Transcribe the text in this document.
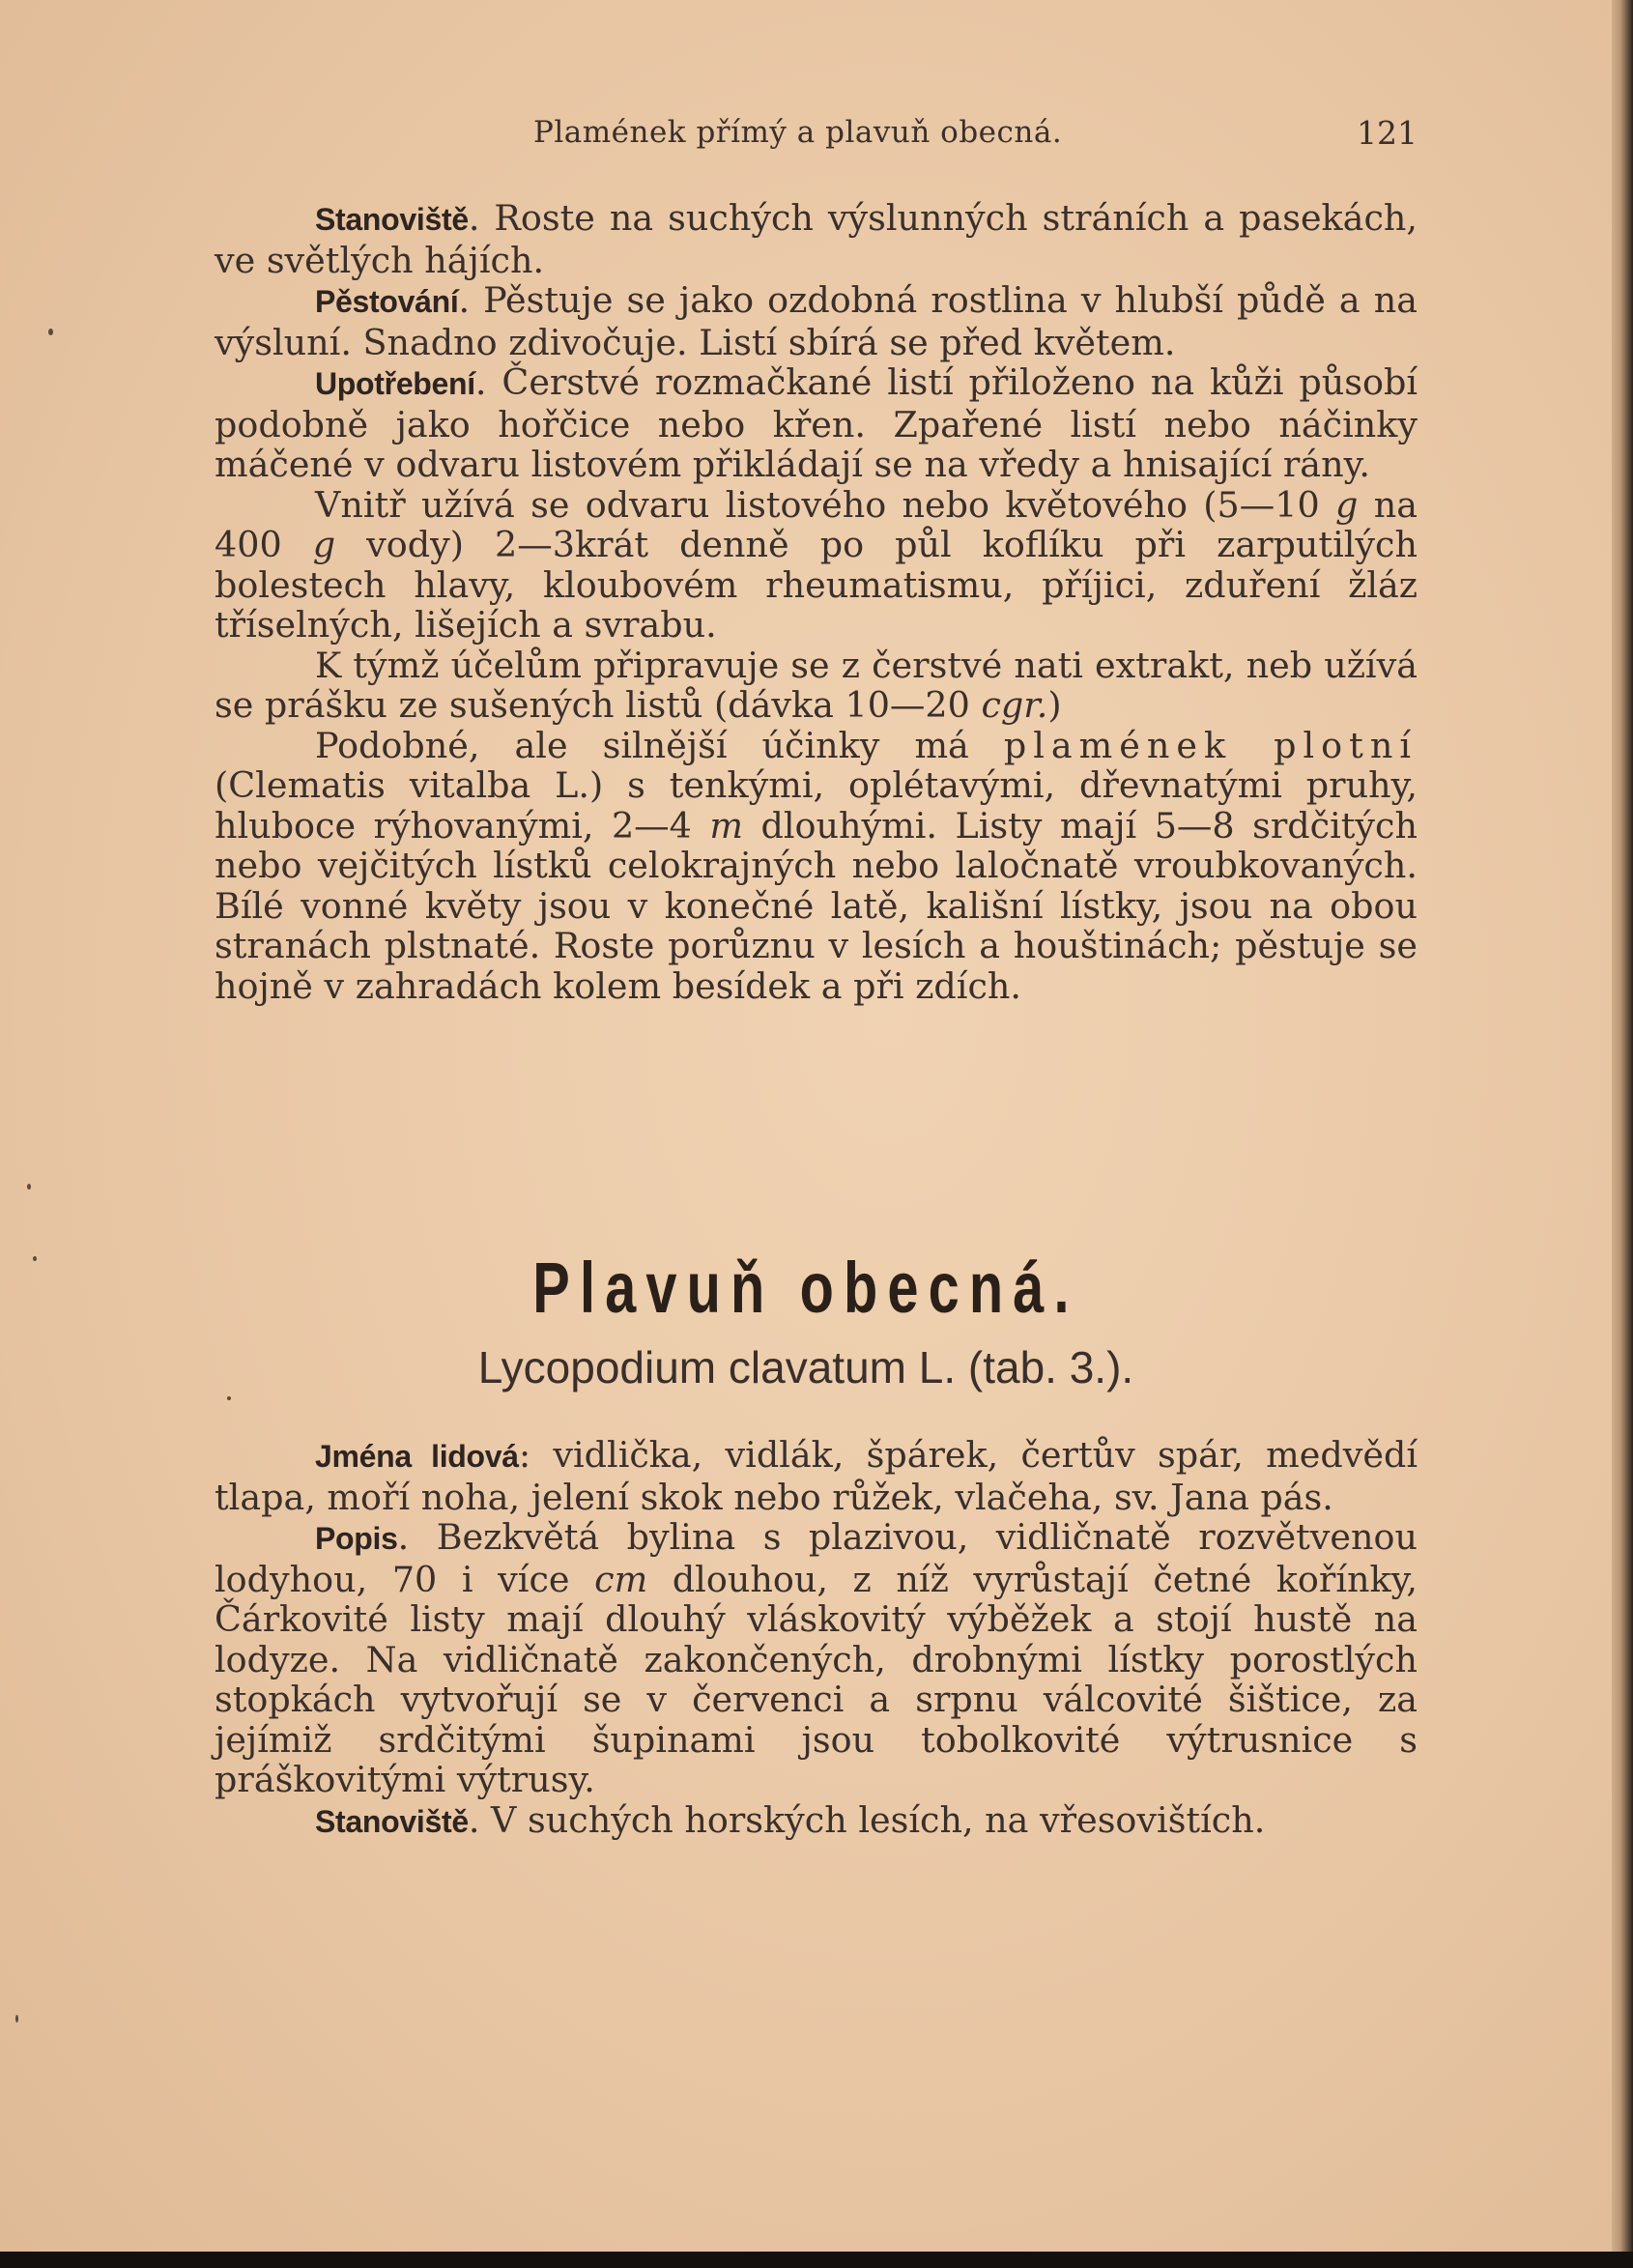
Plamének přímý a plavuň obecná.	121

Stanoviště. Roste na suchých výslunných stráních a pasekách, ve světlých hájích.

Pěstování. Pěstuje se jako ozdobná rostlina v hlubší půdě a na výsluní. Snadno zdivočuje. Listí sbírá se před květem.

Upotřebení. Čerstvé rozmačkané listí přiloženo na kůži působí podobně jako hořčice nebo křen. Zpařené listí nebo náčinky máčené v odvaru listovém přikládají se na vředy a hnisající rány.

Vnitř užívá se odvaru listového nebo květového (5—10 g na 400 g vody) 2—3krát denně po půl koflíku při zarputilých bolestech hlavy, kloubovém rheumatismu, příjici, zduření žláz tříselných, lišejích a svrabu.

K týmž účelům připravuje se z čerstvé nati extrakt, neb užívá se prášku ze sušených listů (dávka 10—20 cgr.)

Podobné, ale silnější účinky má plamének plotní (Clematis vitalba L.) s tenkými, oplétavými, dřevnatými pruhy, hluboce rýhovanými, 2—4 m dlouhými. Listy mají 5—8 srdčitých nebo vejčitých lístků celokrajných nebo laločnatě vroubkovaných. Bílé vonné květy jsou v konečné latě, kališní lístky, jsou na obou stranách plstnaté. Roste porůznu v lesích a houštinách; pěstuje se hojně v zahradách kolem besídek a při zdích.

Plavuň obecná.
Lycopodium clavatum L. (tab. 3.).

Jména lidová: vidlička, vidlák, špárek, čertův spár, medvědí tlapa, moří noha, jelení skok nebo růžek, vlačeha, sv. Jana pás.

Popis. Bezkvětá bylina s plazivou, vidličnatě rozvětvenou lodyhou, 70 i více cm dlouhou, z níž vyrůstají četné kořínky, Čárkovité listy mají dlouhý vláskovitý výběžek a stojí hustě na lodyze. Na vidličnatě zakončených, drobnými lístky porostlých stopkách vytvořují se v červenci a srpnu válcovité šištice, za jejímiž srdčitými šupinami jsou tobolkovité výtrusnice s práškovitými výtrusy.

Stanoviště. V suchých horských lesích, na vřesovištích.
